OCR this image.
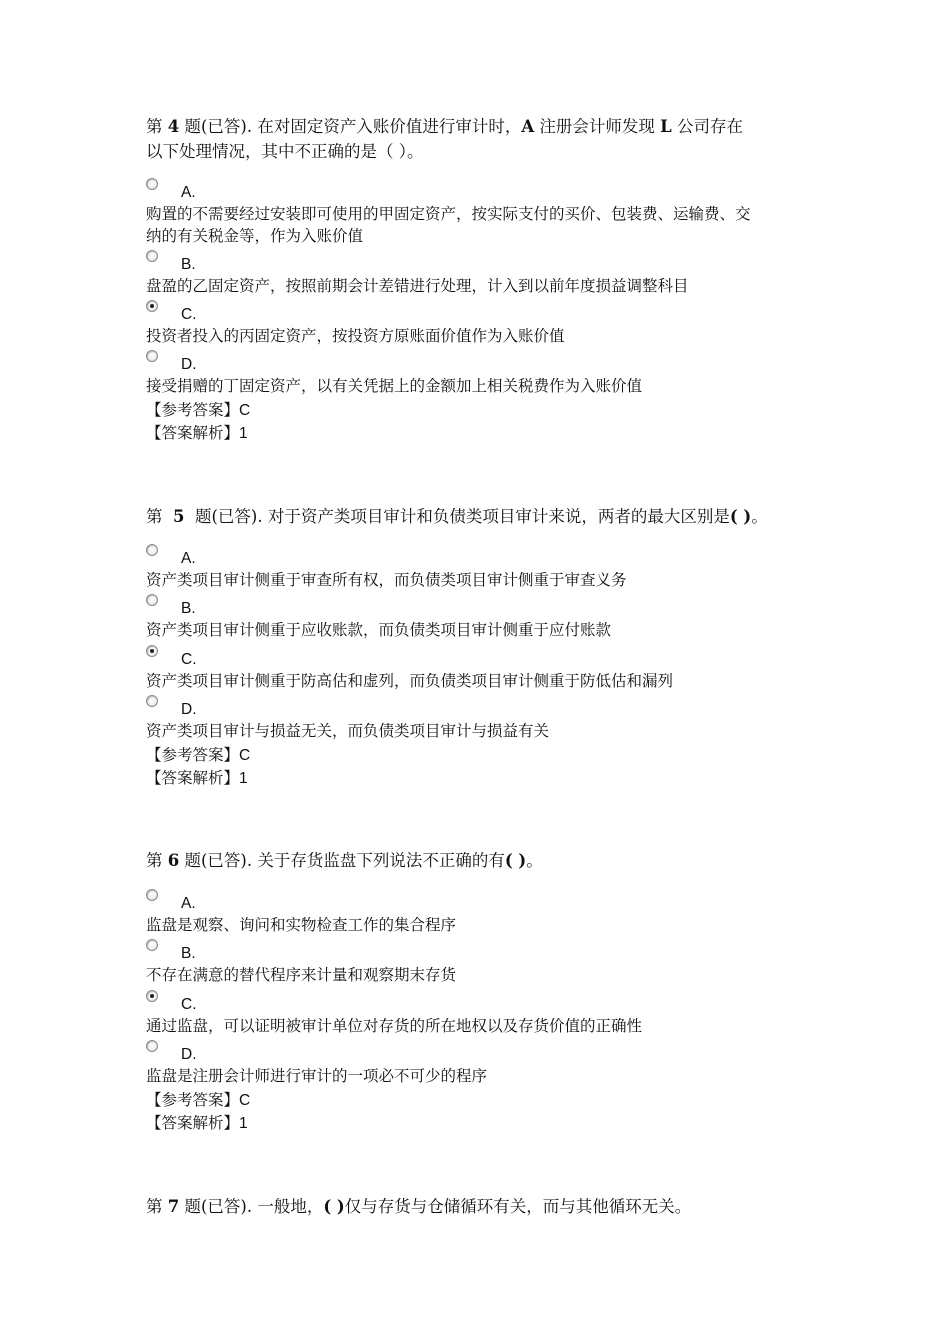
第 4 题(已答). 在对固定资产入账价值进行审计时，A 注册会计师发现 L 公司存在
以下处理情况，其中不正确的是（ ）。
A.
购置的不需要经过安装即可使用的甲固定资产，按实际支付的买价、包装费、运输费、交
纳的有关税金等，作为入账价值
B.
盘盈的乙固定资产，按照前期会计差错进行处理，计入到以前年度损益调整科目
C.
投资者投入的丙固定资产，按投资方原账面价值作为入账价值
D.
接受捐赠的丁固定资产，以有关凭据上的金额加上相关税费作为入账价值
【参考答案】C
【答案解析】1
第 5 题(已答). 对于资产类项目审计和负债类项目审计来说，两者的最大区别是( )。
A.
资产类项目审计侧重于审查所有权，而负债类项目审计侧重于审查义务
B.
资产类项目审计侧重于应收账款，而负债类项目审计侧重于应付账款
C.
资产类项目审计侧重于防高估和虚列，而负债类项目审计侧重于防低估和漏列
D.
资产类项目审计与损益无关，而负债类项目审计与损益有关
【参考答案】C
【答案解析】1
第 6 题(已答). 关于存货监盘下列说法不正确的有( )。
A.
监盘是观察、询问和实物检查工作的集合程序
B.
不存在满意的替代程序来计量和观察期末存货
C.
通过监盘，可以证明被审计单位对存货的所在地权以及存货价值的正确性
D.
监盘是注册会计师进行审计的一项必不可少的程序
【参考答案】C
【答案解析】1
第 7 题(已答). 一般地，( )仅与存货与仓储循环有关，而与其他循环无关。
